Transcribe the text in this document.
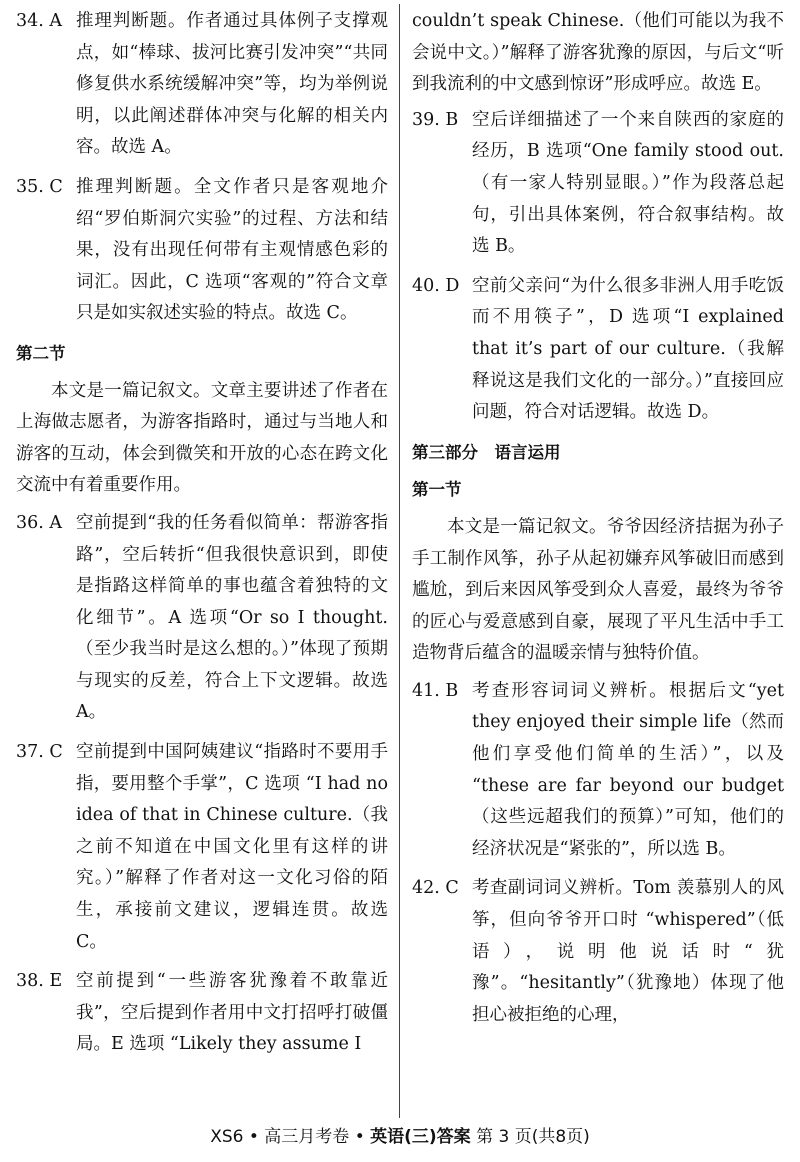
34. A 推理判断题。作者通过具体例子支撑观点，如“棒球、拔河比赛引发冲突”“共同修复供水系统缓解冲突”等，均为举例说明，以此阐述群体冲突与化解的相关内容。故选 A。
35. C 推理判断题。全文作者只是客观地介绍“罗伯斯洞穴实验”的过程、方法和结果，没有出现任何带有主观情感色彩的词汇。因此，C 选项“客观的”符合文章只是如实叙述实验的特点。故选 C。
第二节
本文是一篇记叙文。文章主要讲述了作者在上海做志愿者，为游客指路时，通过与当地人和游客的互动，体会到微笑和开放的心态在跨文化交流中有着重要作用。
36. A 空前提到“我的任务看似简单：帮游客指路”，空后转折“但我很快意识到，即使是指路这样简单的事也蕴含着独特的文化细节”。A 选项“Or so I thought.（至少我当时是这么想的。）”体现了预期与现实的反差，符合上下文逻辑。故选 A。
37. C 空前提到中国阿姨建议“指路时不要用手指，要用整个手掌”，C 选项 “I had no idea of that in Chinese culture.（我之前不知道在中国文化里有这样的讲究。）”解释了作者对这一文化习俗的陌生，承接前文建议，逻辑连贯。故选 C。
38. E 空前提到“一些游客犹豫着不敢靠近我”，空后提到作者用中文打招呼打破僵局。E 选项 “Likely they assume I
couldn’t speak Chinese.（他们可能以为我不会说中文。）”解释了游客犹豫的原因，与后文“听到我流利的中文感到惊讶”形成呼应。故选 E。
39. B 空后详细描述了一个来自陕西的家庭的经历，B 选项“One family stood out.（有一家人特别显眼。）”作为段落总起句，引出具体案例，符合叙事结构。故选 B。
40. D 空前父亲问“为什么很多非洲人用手吃饭而不用筷子”，D 选项“I explained that it’s part of our culture.（我解释说这是我们文化的一部分。）”直接回应问题，符合对话逻辑。故选 D。
第三部分　语言运用
第一节
本文是一篇记叙文。爷爷因经济拮据为孙子手工制作风筝，孙子从起初嫌弃风筝破旧而感到尴尬，到后来因风筝受到众人喜爱，最终为爷爷的匠心与爱意感到自豪，展现了平凡生活中手工造物背后蕴含的温暖亲情与独特价值。
41. B 考查形容词词义辨析。根据后文“yet they enjoyed their simple life（然而他们享受他们简单的生活）”，以及 “these are far beyond our budget（这些远超我们的预算）”可知，他们的经济状况是“紧张的”，所以选 B。
42. C 考查副词词义辨析。Tom 羡慕别人的风筝，但向爷爷开口时 “whispered”（低语），说明他说话时“犹豫”。“hesitantly”（犹豫地）体现了他担心被拒绝的心理，
XS6 • 高三月考卷 • 英语(三)答案 第 3 页(共8页)
